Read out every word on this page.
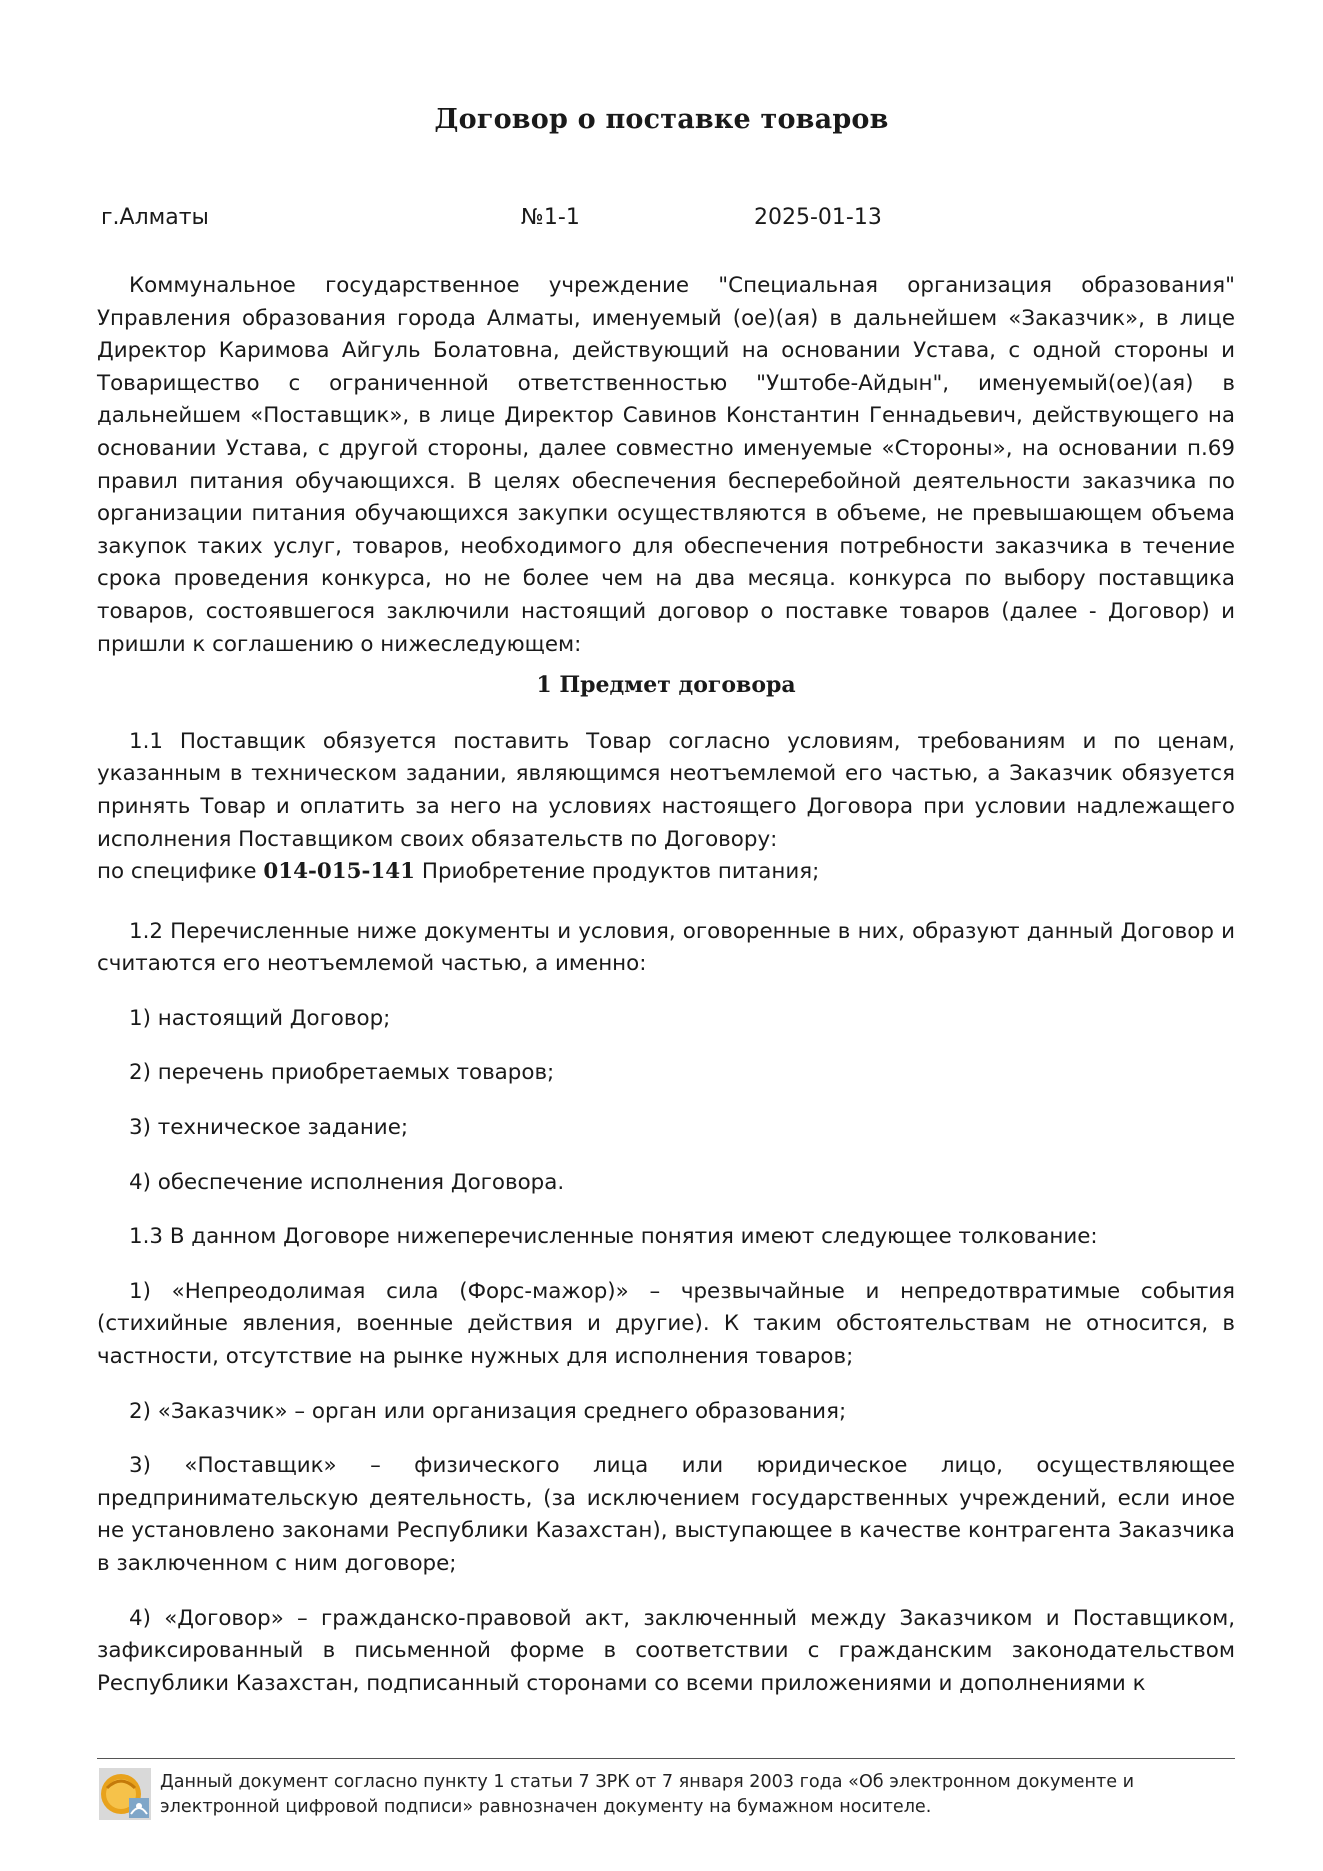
Договор о поставке товаров
г.Алматы	№1-1	2025-01-13

Коммунальное государственное учреждение "Специальная организация образования" Управления образования города Алматы, именуемый (ое)(ая) в дальнейшем «Заказчик», в лице Директор Каримова Айгуль Болатовна, действующий на основании Устава, с одной стороны и Товарищество с ограниченной ответственностью "Уштобе-Айдын", именуемый(ое)(ая) в дальнейшем «Поставщик», в лице Директор Савинов Константин Геннадьевич, действующего на основании Устава, с другой стороны, далее совместно именуемые «Стороны», на основании п.69 правил питания обучающихся. В целях обеспечения бесперебойной деятельности заказчика по организации питания обучающихся закупки осуществляются в объеме, не превышающем объема закупок таких услуг, товаров, необходимого для обеспечения потребности заказчика в течение срока проведения конкурса, но не более чем на два месяца. конкурса по выбору поставщика товаров, состоявшегося заключили настоящий договор о поставке товаров (далее - Договор) и пришли к соглашению о нижеследующем:

1 Предмет договора

1.1 Поставщик обязуется поставить Товар согласно условиям, требованиям и по ценам, указанным в техническом задании, являющимся неотъемлемой его частью, а Заказчик обязуется принять Товар и оплатить за него на условиях настоящего Договора при условии надлежащего исполнения Поставщиком своих обязательств по Договору:

по специфике 014-015-141 Приобретение продуктов питания;

1.2 Перечисленные ниже документы и условия, оговоренные в них, образуют данный Договор и считаются его неотъемлемой частью, а именно:

1) настоящий Договор;

2) перечень приобретаемых товаров;

3) техническое задание;

4) обеспечение исполнения Договора.

1.3 В данном Договоре нижеперечисленные понятия имеют следующее толкование:

1) «Непреодолимая сила (Форс-мажор)» – чрезвычайные и непредотвратимые события (стихийные явления, военные действия и другие). К таким обстоятельствам не относится, в частности, отсутствие на рынке нужных для исполнения товаров;

2) «Заказчик» – орган или организация среднего образования;

3) «Поставщик» – физического лица или юридическое лицо, осуществляющее предпринимательскую деятельность, (за исключением государственных учреждений, если иное не установлено законами Республики Казахстан), выступающее в качестве контрагента Заказчика в заключенном с ним договоре;

4) «Договор» – гражданско-правовой акт, заключенный между Заказчиком и Поставщиком, зафиксированный в письменной форме в соответствии с гражданским законодательством Республики Казахстан, подписанный сторонами со всеми приложениями и дополнениями к

Данный документ согласно пункту 1 статьи 7 ЗРК от 7 января 2003 года «Об электронном документе и электронной цифровой подписи» равнозначен документу на бумажном носителе.
